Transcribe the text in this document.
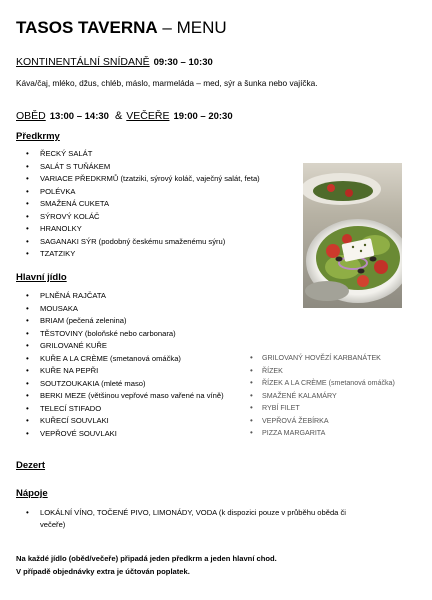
TASOS TAVERNA – MENU
KONTINENTÁLNÍ SNÍDANĚ 09:30 – 10:30
Káva/čaj, mléko, džus, chléb, máslo, marmeláda – med, sýr a šunka nebo vajíčka.
OBĚD 13:00 – 14:30 & VEČEŘE 19:00 – 20:30
Předkrmy
• ŘECKÝ SALÁT
• SALÁT S TUŇÁKEM
• VARIACE PŘEDKRMŮ (tzatziki, sýrový koláč, vaječný salát, feta)
• POLÉVKA
• SMAŽENÁ CUKETA
• SÝROVÝ KOLÁČ
• HRANOLKY
• SAGANAKI SÝR (podobný českému smaženému sýru)
• TZATZIKY
Hlavní jídlo
• PLNĚNÁ RAJČATA
• MOUSAKA
• BRIAM (pečená zelenina)
• TĚSTOVINY (boloňské nebo carbonara)
• GRILOVANÉ KUŘE
• KUŘE A LA CRÈME (smetanová omáčka)
• KUŘE NA PEPŘI
• SOUTZOUKAKIA (mleté maso)
• BERKI MEZE (většinou vepřové maso vařené na víně)
• TELECÍ STIFADO
• KUŘECÍ SOUVLAKI
• VEPŘOVÉ SOUVLAKI
• GRILOVANÝ HOVĚZÍ KARBANÁTEK
• ŘÍZEK
• ŘÍZEK A LA CRÈME (smetanová omáčka)
• SMAŽENÉ KALAMÁRY
• RYBÍ FILET
• VEPŘOVÁ ŽEBÍRKA
• PIZZA MARGARITA
Dezert
Nápoje
•	LOKÁLNÍ VÍNO, TOČENÉ PIVO, LIMONÁDY, VODA (k dispozici pouze v průběhu oběda či
večeře)
Na každé jídlo (oběd/večeře) připadá jeden předkrm a jeden hlavní chod.
V případě objednávky extra je účtován poplatek.
